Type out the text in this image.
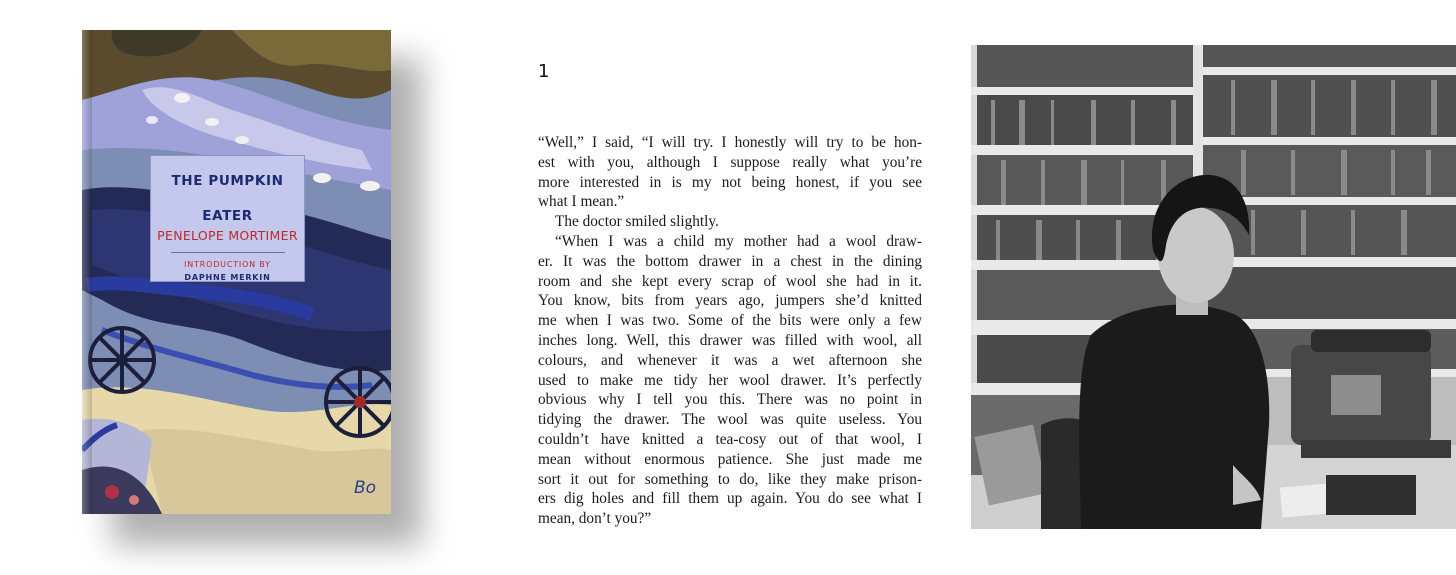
THE PUMPKIN
EATER
PENELOPE MORTIMER
INTRODUCTION BY
DAPHNE MERKIN
Bo
1
“Well,” I said, “I will try. I honestly will try to be hon-
est with you, although I suppose really what you’re
more interested in is my not being honest, if you see
what I mean.”
The doctor smiled slightly.
“When I was a child my mother had a wool draw-
er. It was the bottom drawer in a chest in the dining
room and she kept every scrap of wool she had in it.
You know, bits from years ago, jumpers she’d knitted
me when I was two. Some of the bits were only a few
inches long. Well, this drawer was filled with wool, all
colours, and whenever it was a wet afternoon she
used to make me tidy her wool drawer. It’s perfectly
obvious why I tell you this. There was no point in
tidying the drawer. The wool was quite useless. You
couldn’t have knitted a tea-cosy out of that wool, I
mean without enormous patience. She just made me
sort it out for something to do, like they make prison-
ers dig holes and fill them up again. You do see what I
mean, don’t you?”
